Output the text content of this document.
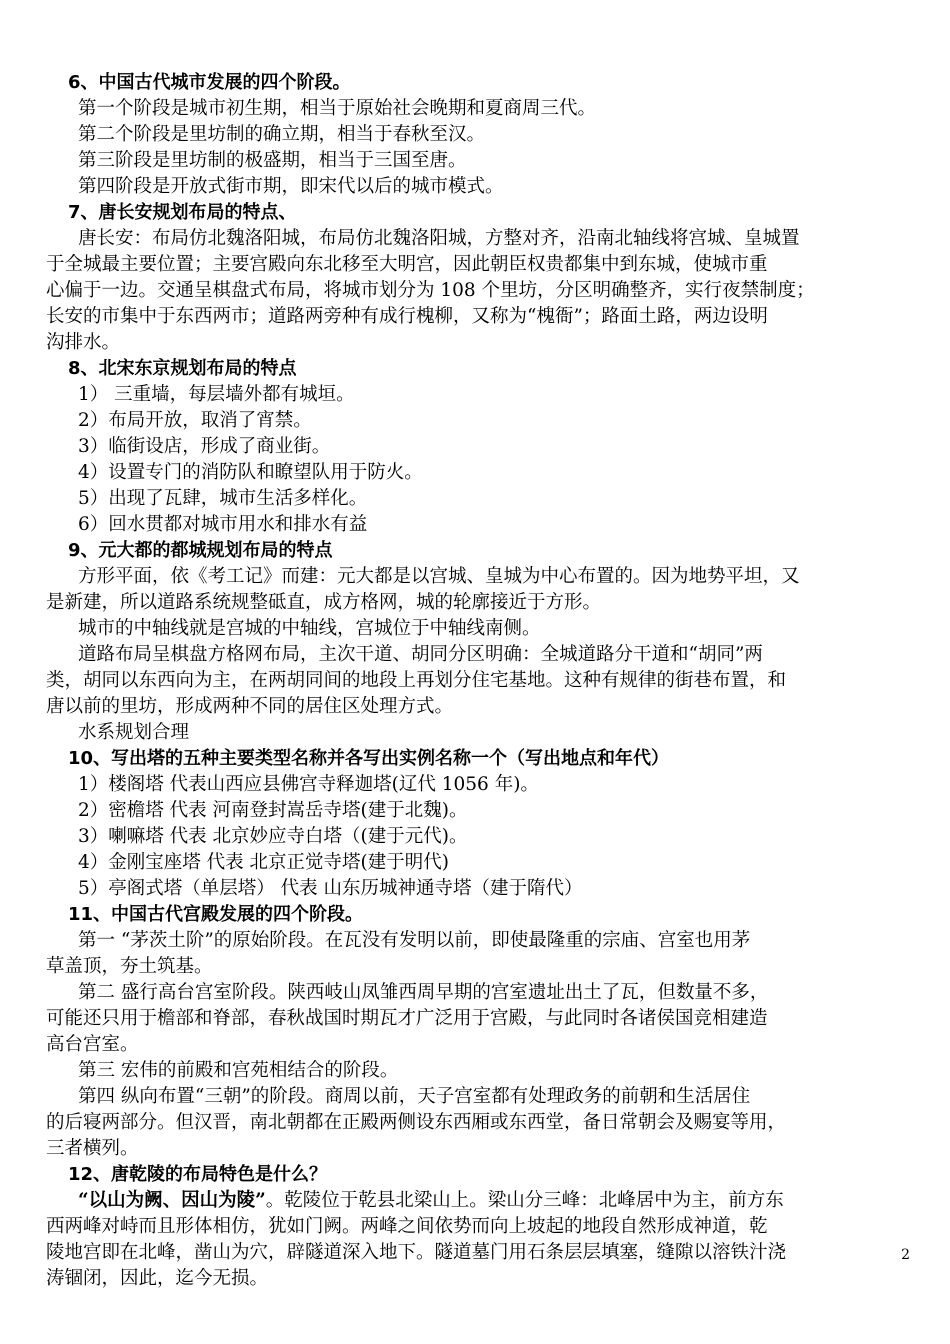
6、中国古代城市发展的四个阶段。
第一个阶段是城市初生期，相当于原始社会晚期和夏商周三代。
第二个阶段是里坊制的确立期，相当于春秋至汉。
第三阶段是里坊制的极盛期，相当于三国至唐。
第四阶段是开放式街市期，即宋代以后的城市模式。
7、唐长安规划布局的特点、
唐长安：布局仿北魏洛阳城，布局仿北魏洛阳城，方整对齐，沿南北轴线将宫城、皇城置
于全城最主要位置；主要宫殿向东北移至大明宫，因此朝臣权贵都集中到东城，使城市重
心偏于一边。交通呈棋盘式布局，将城市划分为 108 个里坊，分区明确整齐，实行夜禁制度；
长安的市集中于东西两市；道路两旁种有成行槐柳，又称为“槐衙”；路面土路，两边设明
沟排水。
8、北宋东京规划布局的特点
1） 三重墙，每层墙外都有城垣。
2）布局开放，取消了宵禁。
3）临街设店，形成了商业街。
4）设置专门的消防队和瞭望队用于防火。
5）出现了瓦肆，城市生活多样化。
6）回水贯都对城市用水和排水有益
9、元大都的都城规划布局的特点
方形平面，依《考工记》而建：元大都是以宫城、皇城为中心布置的。因为地势平坦，又
是新建，所以道路系统规整砥直，成方格网，城的轮廓接近于方形。
城市的中轴线就是宫城的中轴线，宫城位于中轴线南侧。
道路布局呈棋盘方格网布局，主次干道、胡同分区明确：全城道路分干道和“胡同”两
类，胡同以东西向为主，在两胡同间的地段上再划分住宅基地。这种有规律的街巷布置，和
唐以前的里坊，形成两种不同的居住区处理方式。
水系规划合理
10、写出塔的五种主要类型名称并各写出实例名称一个（写出地点和年代）
1）楼阁塔 代表山西应县佛宫寺释迦塔(辽代 1056 年)。
2）密檐塔 代表 河南登封嵩岳寺塔(建于北魏)。
3）喇嘛塔 代表 北京妙应寺白塔（(建于元代)。
4）金刚宝座塔 代表 北京正觉寺塔(建于明代)
5）亭阁式塔（单层塔） 代表 山东历城神通寺塔（建于隋代）
11、中国古代宫殿发展的四个阶段。
第一 “茅茨土阶”的原始阶段。在瓦没有发明以前，即使最隆重的宗庙、宫室也用茅
草盖顶，夯土筑基。
第二 盛行高台宫室阶段。陕西岐山凤雏西周早期的宫室遗址出土了瓦，但数量不多，
可能还只用于檐部和脊部，春秋战国时期瓦才广泛用于宫殿，与此同时各诸侯国竞相建造
高台宫室。
第三 宏伟的前殿和宫苑相结合的阶段。
第四 纵向布置“三朝”的阶段。商周以前，天子宫室都有处理政务的前朝和生活居住
的后寝两部分。但汉晋，南北朝都在正殿两侧设东西厢或东西堂，备日常朝会及赐宴等用，
三者横列。
12、唐乾陵的布局特色是什么？
“以山为阙、因山为陵”。乾陵位于乾县北梁山上。梁山分三峰：北峰居中为主，前方东
西两峰对峙而且形体相仿，犹如门阙。两峰之间依势而向上坡起的地段自然形成神道，乾
陵地宫即在北峰，凿山为穴，辟隧道深入地下。隧道墓门用石条层层填塞，缝隙以溶铁汁浇
涛锢闭，因此，迄今无损。
2
